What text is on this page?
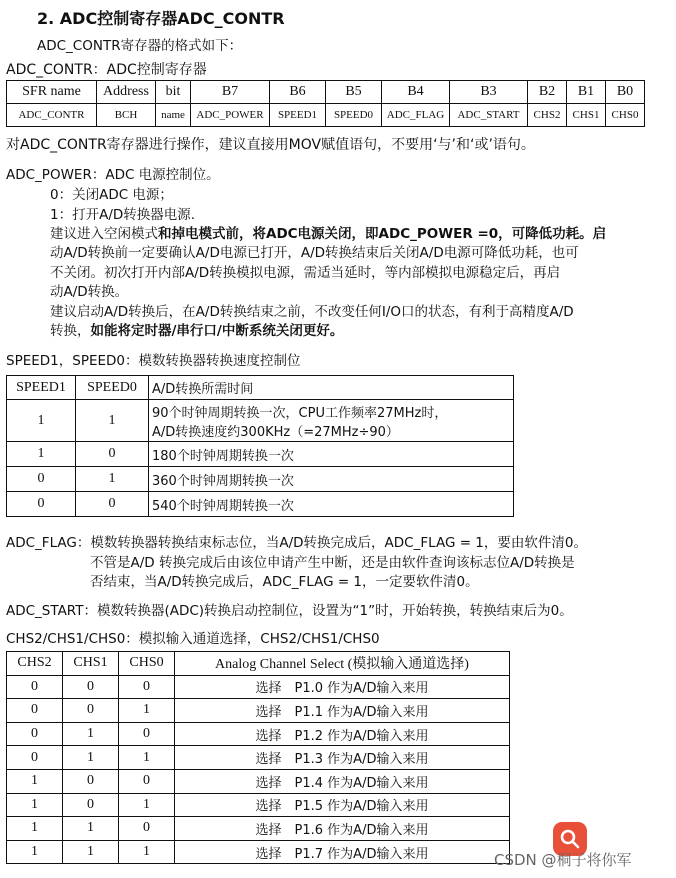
2. ADC控制寄存器ADC_CONTR
ADC_CONTR寄存器的格式如下：
ADC_CONTR：ADC控制寄存器
SFR name	Address	bit	B7	B6	B5	B4	B3	B2	B1	B0
ADC_CONTR	BCH	name	ADC_POWER	SPEED1	SPEED0	ADC_FLAG	ADC_START	CHS2	CHS1	CHS0
对ADC_CONTR寄存器进行操作，建议直接用MOV赋值语句，不要用‘与’和‘或’语句。
ADC_POWER：ADC 电源控制位。
0：关闭ADC 电源；
1：打开A/D转换器电源.
建议进入空闲模式和掉电模式前，将ADC电源关闭，即ADC_POWER =0，可降低功耗。启
动A/D转换前一定要确认A/D电源已打开，A/D转换结束后关闭A/D电源可降低功耗，也可
不关闭。初次打开内部A/D转换模拟电源，需适当延时，等内部模拟电源稳定后，再启
动A/D转换。
建议启动A/D转换后，在A/D转换结束之前，不改变任何I/O口的状态，有利于高精度A/D
转换，如能将定时器/串行口/中断系统关闭更好。
SPEED1，SPEED0：模数转换器转换速度控制位
SPEED1	SPEED0	A/D转换所需时间
1	1	90个时钟周期转换一次，CPU工作频率27MHz时，
A/D转换速度约300KHz（=27MHz÷90）

1	0	180个时钟周期转换一次
0	1	360个时钟周期转换一次
0	0	540个时钟周期转换一次
ADC_FLAG：模数转换器转换结束标志位，当A/D转换完成后，ADC_FLAG = 1，要由软件清0。
不管是A/D 转换完成后由该位申请产生中断，还是由软件查询该标志位A/D转换是
否结束，当A/D转换完成后，ADC_FLAG = 1，一定要软件清0。
ADC_START：模数转换器(ADC)转换启动控制位，设置为“1”时，开始转换，转换结束后为0。
CHS2/CHS1/CHS0：模拟输入通道选择，CHS2/CHS1/CHS0
CHS2	CHS1	CHS0	Analog Channel Select (模拟输入通道选择)
0	0	0	选择　P1.0 作为A/D输入来用
0	0	1	选择　P1.1 作为A/D输入来用
0	1	0	选择　P1.2 作为A/D输入来用
0	1	1	选择　P1.3 作为A/D输入来用
1	0	0	选择　P1.4 作为A/D输入来用
1	0	1	选择　P1.5 作为A/D输入来用
1	1	0	选择　P1.6 作为A/D输入来用
1	1	1	选择　P1.7 作为A/D输入来用	CSDN @桐子将你军
